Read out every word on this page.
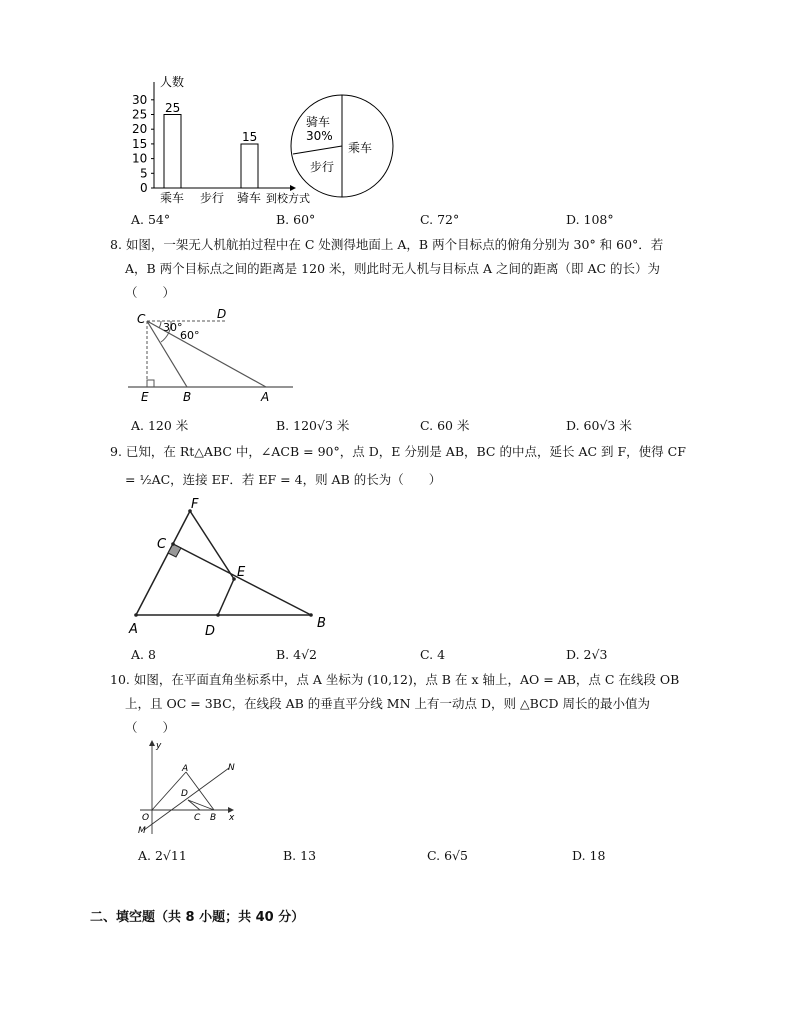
人数
0
5
10
15
20
25
30
25
15
乘车 步行 骑车 到校方式
骑车
30%
乘车
步行
A. 54°	B. 60°	C. 72°	D. 108°
8. 如图，一架无人机航拍过程中在 C 处测得地面上 A，B 两个目标点的俯角分别为 30° 和 60°．若
A，B 两个目标点之间的距离是 120 米，则此时无人机与目标点 A 之间的距离（即 AC 的长）为
（　　）
C	D
30°
60°
E	B	A
A. 120 米	B. 120√3 米	C. 60 米	D. 60√3 米
9. 已知，在 Rt△ABC 中，∠ACB = 90°，点 D，E 分别是 AB，BC 的中点，延长 AC 到 F，使得 CF
= ½AC，连接 EF．若 EF = 4，则 AB 的长为（　　）
F
C
E
A	D
B
A. 8	B. 4√2	C. 4	D. 2√3
10. 如图，在平面直角坐标系中，点 A 坐标为 (10,12)，点 B 在 x 轴上，AO = AB，点 C 在线段 OB
上，且 OC = 3BC，在线段 AB 的垂直平分线 MN 上有一动点 D，则 △BCD 周长的最小值为
（　　）
y
x
A	N
D
O	C B
M
A. 2√11	B. 13	C. 6√5	D. 18
二、填空题（共 8 小题；共 40 分）
